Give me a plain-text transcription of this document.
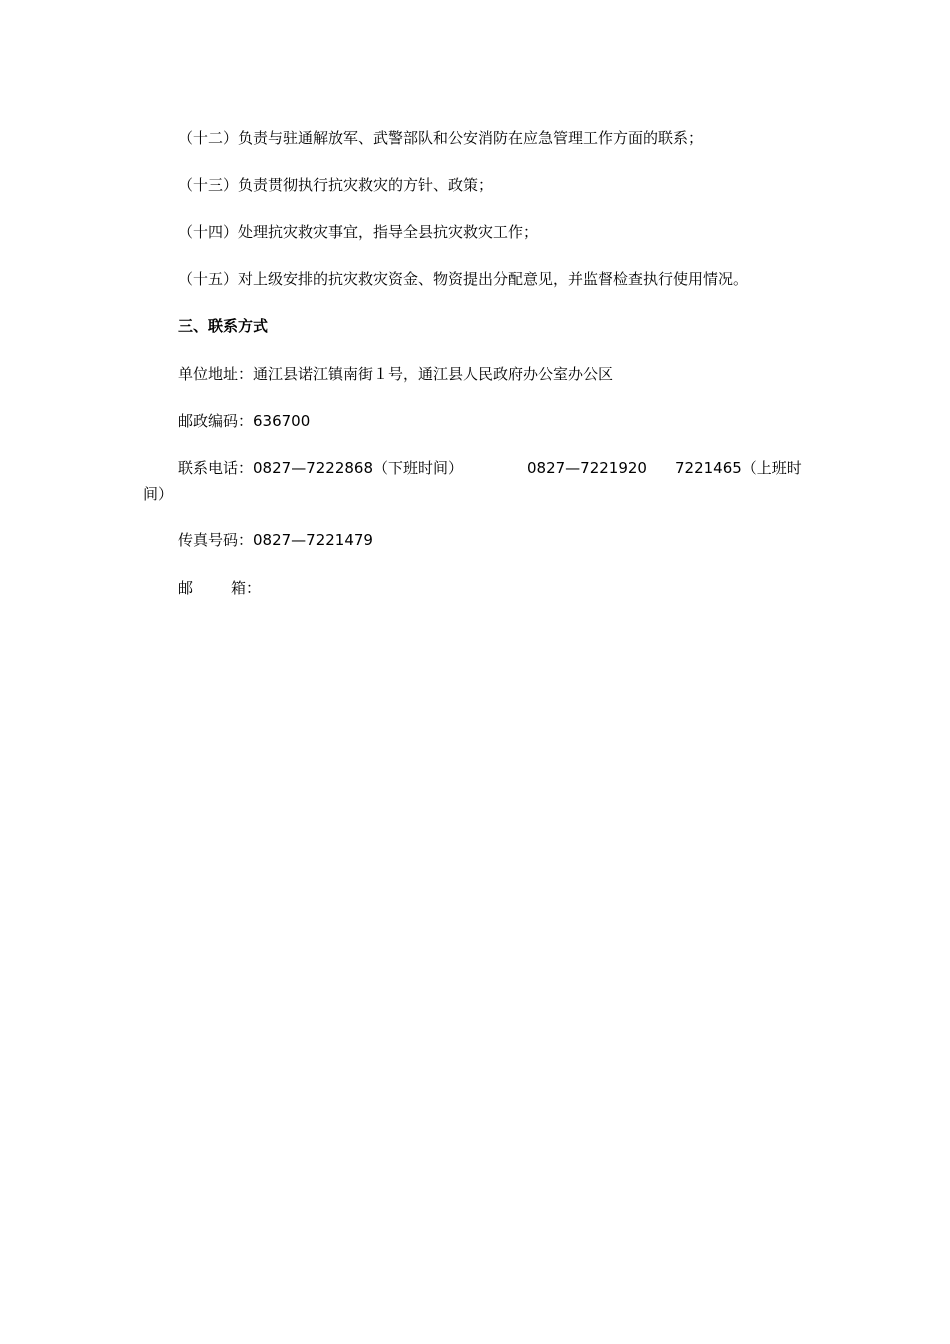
（十二）负责与驻通解放军、武警部队和公安消防在应急管理工作方面的联系；
（十三）负责贯彻执行抗灾救灾的方针、政策；
（十四）处理抗灾救灾事宜，指导全县抗灾救灾工作；
（十五）对上级安排的抗灾救灾资金、物资提出分配意见，并监督检查执行使用情况。
三、联系方式
单位地址：通江县诺江镇南街１号，通江县人民政府办公室办公区
邮政编码：636700
联系电话：0827—7222868（下班时间）	0827—7221920 7221465（上班时
间）
传真号码：0827—7221479
邮	箱：
